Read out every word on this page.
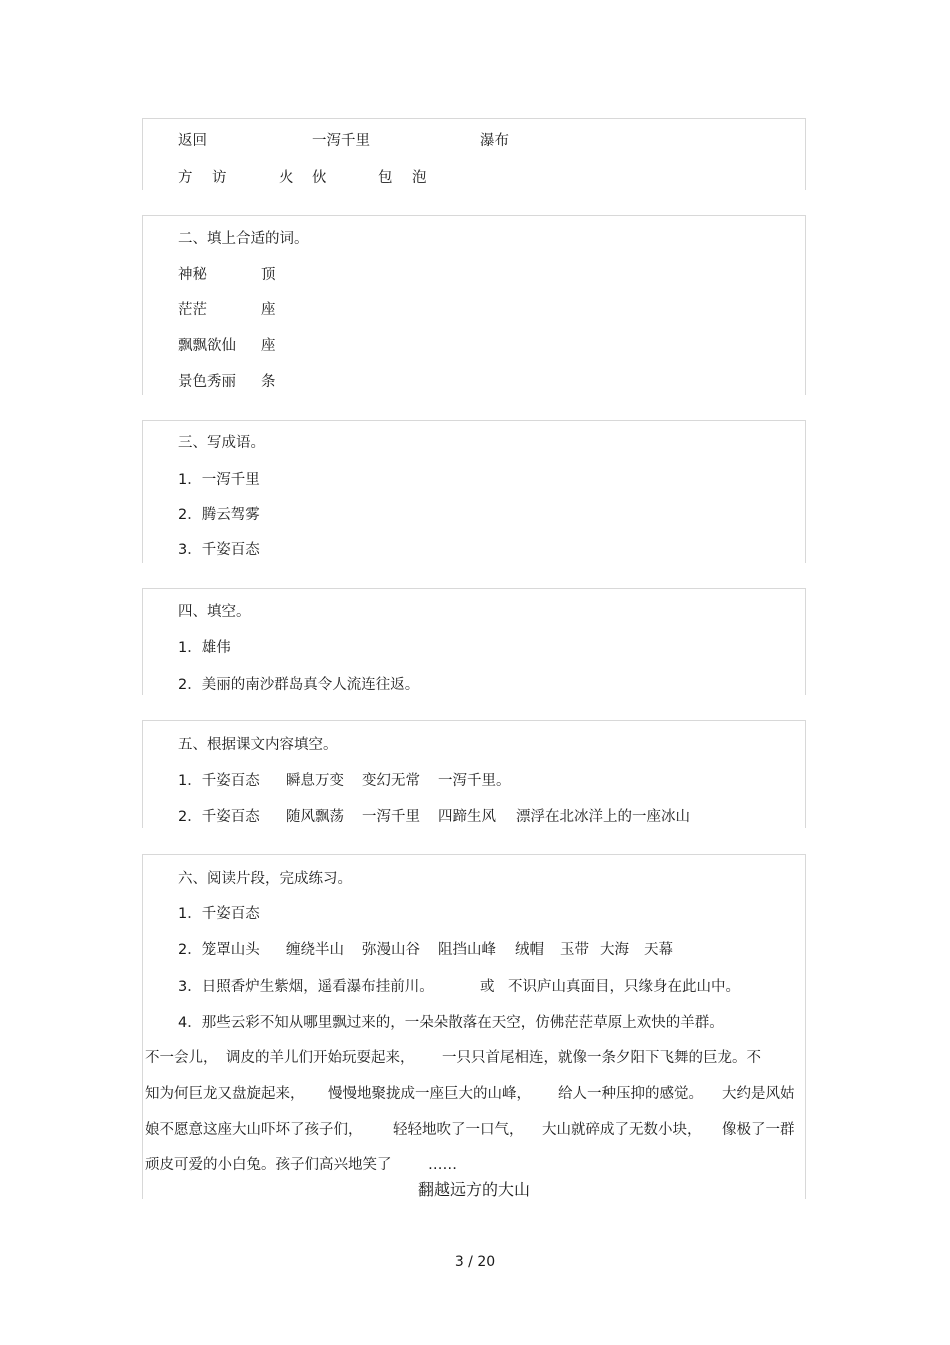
返回	一泻千里	瀑布
方 访	火 伙	包 泡
二、填上合适的词。
神秘	顶
茫茫	座
飘飘欲仙 座
景色秀丽 条
三、写成语。
1．一泻千里
2．腾云驾雾
3．千姿百态
四、填空。
1．雄伟
2．美丽的南沙群岛真令人流连往返。
五、根据课文内容填空。
1．千姿百态 瞬息万变 变幻无常 一泻千里。
2．千姿百态 随风飘荡 一泻千里 四蹄生风 漂浮在北冰洋上的一座冰山
六、阅读片段，完成练习。
1．千姿百态
2．笼罩山头 缠绕半山 弥漫山谷 阻挡山峰 绒帽 玉带 大海 天幕
3．日照香炉生紫烟，遥看瀑布挂前川。	或 不识庐山真面目，只缘身在此山中。
4．那些云彩不知从哪里飘过来的，一朵朵散落在天空，仿佛茫茫草原上欢快的羊群。
不一会儿， 调皮的羊儿们开始玩耍起来， 一只只首尾相连，就像一条夕阳下飞舞的巨龙。不
知为何巨龙又盘旋起来， 慢慢地聚拢成一座巨大的山峰， 给人一种压抑的感觉。 大约是风姑
娘不愿意这座大山吓坏了孩子们， 轻轻地吹了一口气， 大山就碎成了无数小块， 像极了一群
顽皮可爱的小白兔。孩子们高兴地笑了	……
翻越远方的大山
3 / 20
